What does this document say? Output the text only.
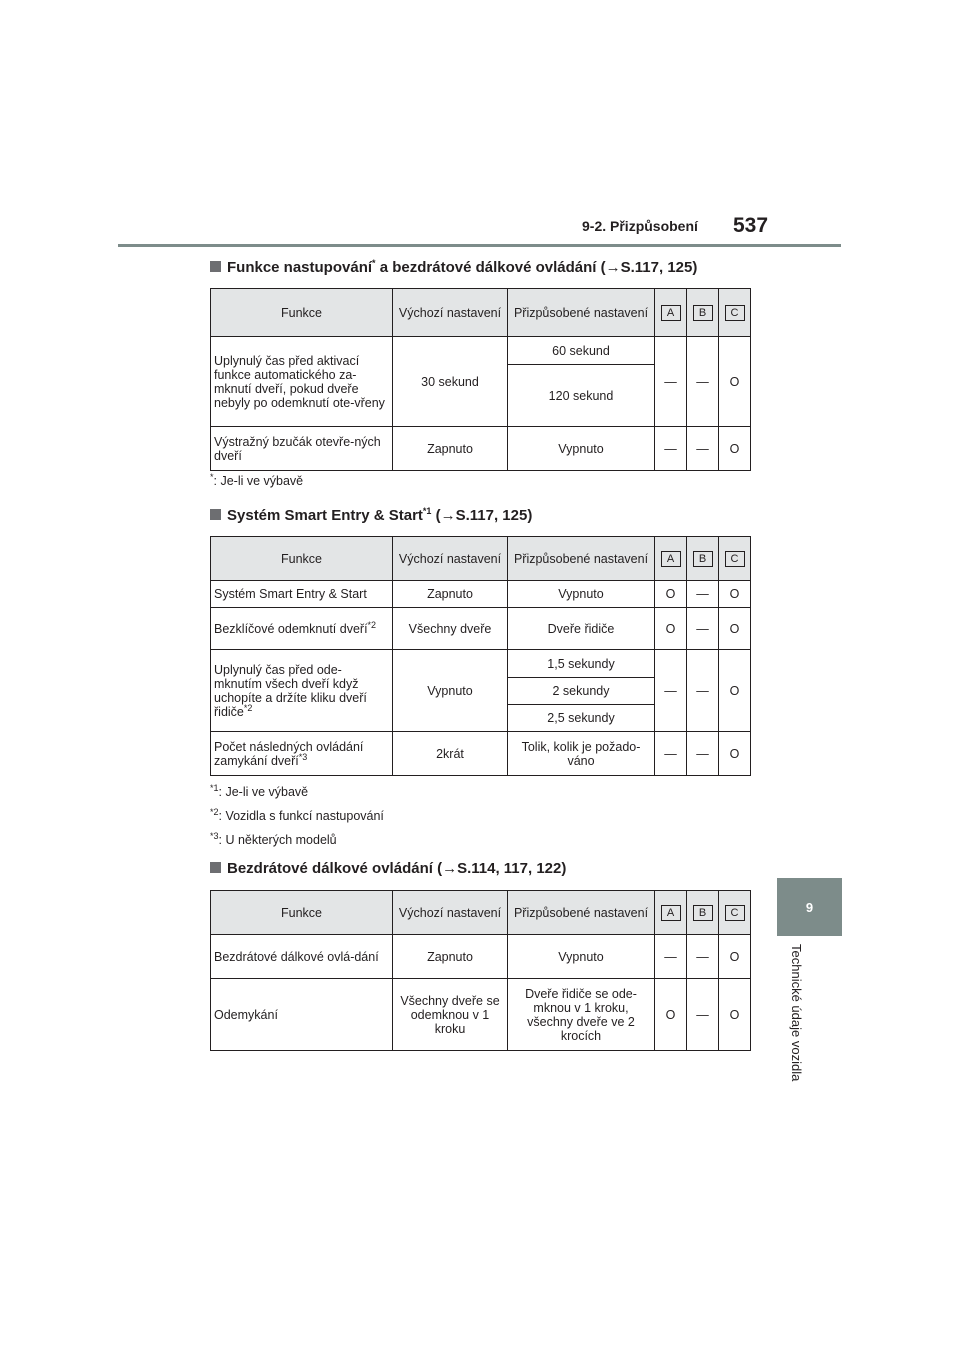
9-2. Přizpůsobení 537
9
Technické údaje vozidla
Funkce nastupování* a bezdrátové dálkové ovládání (→S.117, 125)
Funkce	Výchozí nastavení	Přizpůsobené nastavení	A	B	C
Uplynulý čas před aktivací funkce automatického za-mknutí dveří, pokud dveře nebyly po odemknutí ote-vřeny	30 sekund	60 sekund	—	—	O
		120 sekund			
Výstražný bzučák otevře-ných dveří	Zapnuto	Vypnuto	—	—	O
*: Je-li ve výbavě
Systém Smart Entry & Start$^{*1}$ (→S.117, 125)
Funkce	Výchozí nastavení	Přizpůsobené nastavení	A	B	C
Systém Smart Entry & Start	Zapnuto	Vypnuto	O	—	O
Bezklíčové odemknutí dveří$^{*2}$	Všechny dveře	Dveře řidiče	O	—	O
Uplynulý čas před ode-mknutím všech dveří když uchopíte a držíte kliku dveří řidiče$^{*2}$	Vypnuto	1,5 sekundy	—	—	O
		2 sekundy			
		2,5 sekundy			
Počet následných ovládání zamykání dveří$^{*3}$	2krát	Tolik, kolik je požado-váno	—	—	O
$^{*1}$: Je-li ve výbavě
$^{*2}$: Vozidla s funkcí nastupování
$^{*3}$: U některých modelů
Bezdrátové dálkové ovládání (→S.114, 117, 122)
Funkce	Výchozí nastavení	Přizpůsobené nastavení	A	B	C
Bezdrátové dálkové ovlá-dání	Zapnuto	Vypnuto	—	—	O
Odemykání	Všechny dveře se odemknou v 1 kroku	Dveře řidiče se ode-mknou v 1 kroku, všechny dveře ve 2 krocích	O	—	O
